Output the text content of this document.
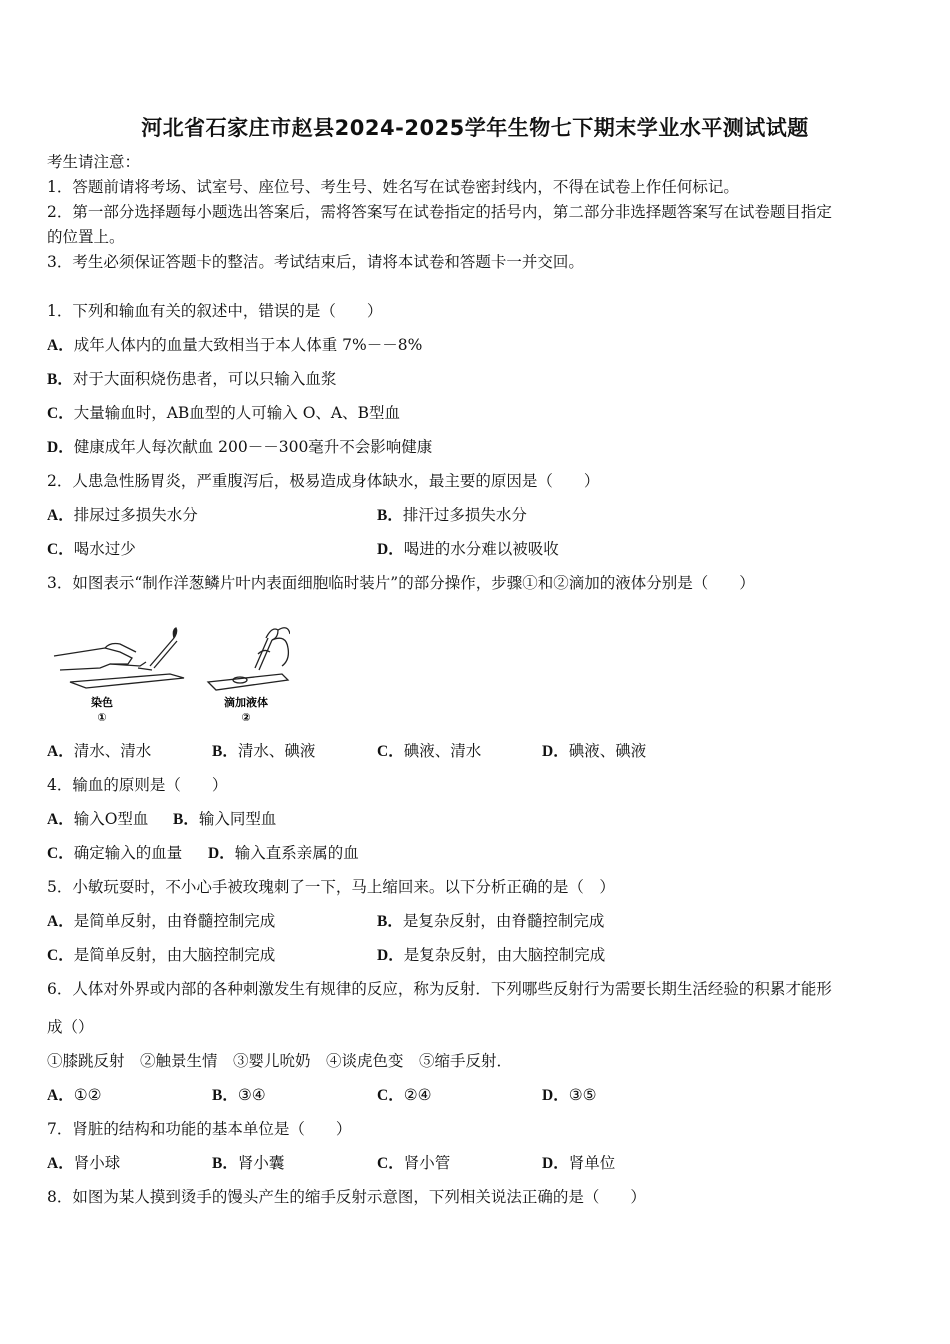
河北省石家庄市赵县2024-2025学年生物七下期末学业水平测试试题
考生请注意：
1．答题前请将考场、试室号、座位号、考生号、姓名写在试卷密封线内，不得在试卷上作任何标记。
2．第一部分选择题每小题选出答案后，需将答案写在试卷指定的括号内，第二部分非选择题答案写在试卷题目指定
的位置上。
3．考生必须保证答题卡的整洁。考试结束后，请将本试卷和答题卡一并交回。
1．下列和输血有关的叙述中，错误的是（　　）
A．成年人体内的血量大致相当于本人体重 7%－－8%
B．对于大面积烧伤患者，可以只输入血浆
C．大量输血时，AB血型的人可输入 O、A、B型血
D．健康成年人每次献血 200－－300毫升不会影响健康
2．人患急性肠胃炎，严重腹泻后，极易造成身体缺水，最主要的原因是（　　）
A．排尿过多损失水分	B．排汗过多损失水分
C．喝水过少	D．喝进的水分难以被吸收
3．如图表示“制作洋葱鳞片叶内表面细胞临时装片”的部分操作，步骤①和②滴加的液体分别是（　　）
染色
①
滴加液体
②
A．清水、清水	B．清水、碘液	C．碘液、清水	D．碘液、碘液
4．输血的原则是（　　）
A．输入O型血 B．输入同型血
C．确定输入的血量 D．输入直系亲属的血
5．小敏玩耍时，不小心手被玫瑰刺了一下，马上缩回来。以下分析正确的是（　）
A．是简单反射，由脊髓控制完成	B．是复杂反射，由脊髓控制完成
C．是简单反射，由大脑控制完成	D．是复杂反射，由大脑控制完成
6．人体对外界或内部的各种刺激发生有规律的反应，称为反射．下列哪些反射行为需要长期生活经验的积累才能形
成（）
①膝跳反射　②触景生情　③婴儿吮奶　④谈虎色变　⑤缩手反射．
A．①②	B．③④	C．②④	D．③⑤
7．肾脏的结构和功能的基本单位是（　　）
A．肾小球	B．肾小囊	C．肾小管	D．肾单位
8．如图为某人摸到烫手的馒头产生的缩手反射示意图，下列相关说法正确的是（　　）
